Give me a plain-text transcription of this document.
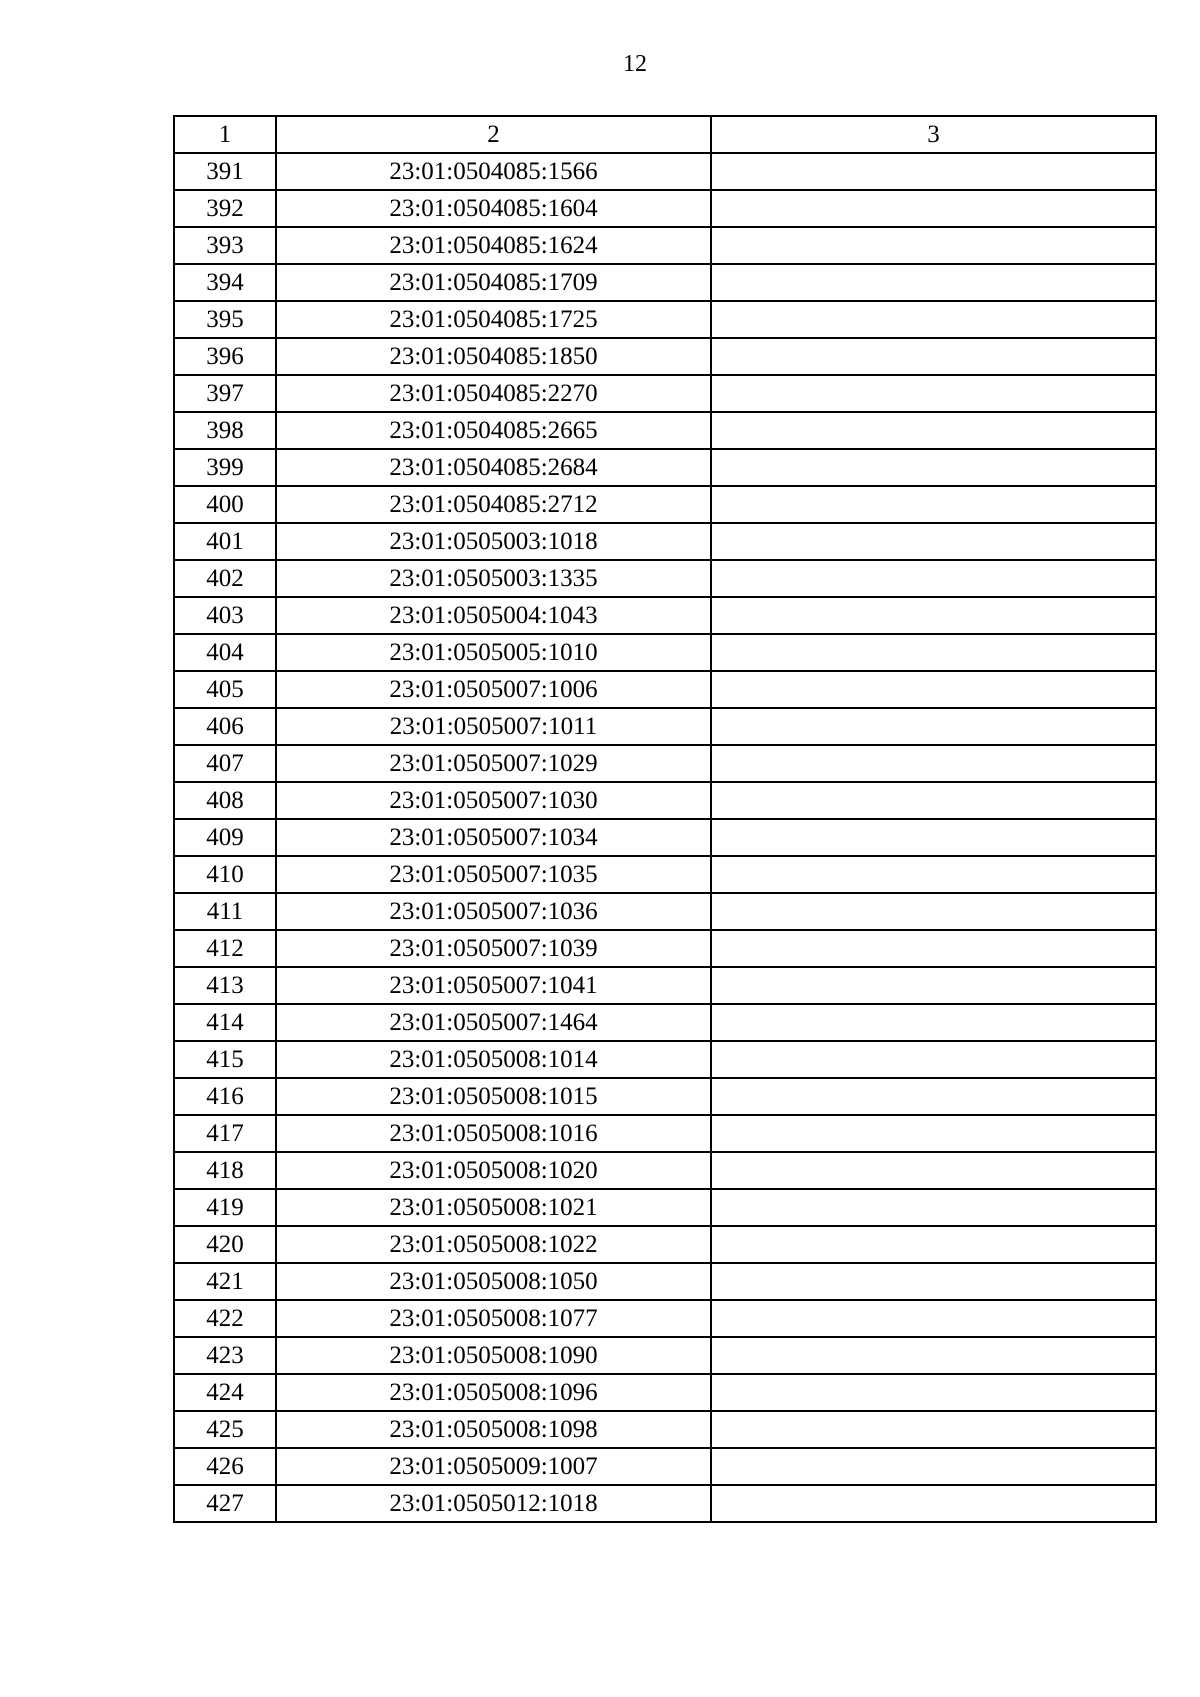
12
1	2	3
391	23:01:0504085:1566	
392	23:01:0504085:1604	
393	23:01:0504085:1624	
394	23:01:0504085:1709	
395	23:01:0504085:1725	
396	23:01:0504085:1850	
397	23:01:0504085:2270	
398	23:01:0504085:2665	
399	23:01:0504085:2684	
400	23:01:0504085:2712	
401	23:01:0505003:1018	
402	23:01:0505003:1335	
403	23:01:0505004:1043	
404	23:01:0505005:1010	
405	23:01:0505007:1006	
406	23:01:0505007:1011	
407	23:01:0505007:1029	
408	23:01:0505007:1030	
409	23:01:0505007:1034	
410	23:01:0505007:1035	
411	23:01:0505007:1036	
412	23:01:0505007:1039	
413	23:01:0505007:1041	
414	23:01:0505007:1464	
415	23:01:0505008:1014	
416	23:01:0505008:1015	
417	23:01:0505008:1016	
418	23:01:0505008:1020	
419	23:01:0505008:1021	
420	23:01:0505008:1022	
421	23:01:0505008:1050	
422	23:01:0505008:1077	
423	23:01:0505008:1090	
424	23:01:0505008:1096	
425	23:01:0505008:1098	
426	23:01:0505009:1007	
427	23:01:0505012:1018	
